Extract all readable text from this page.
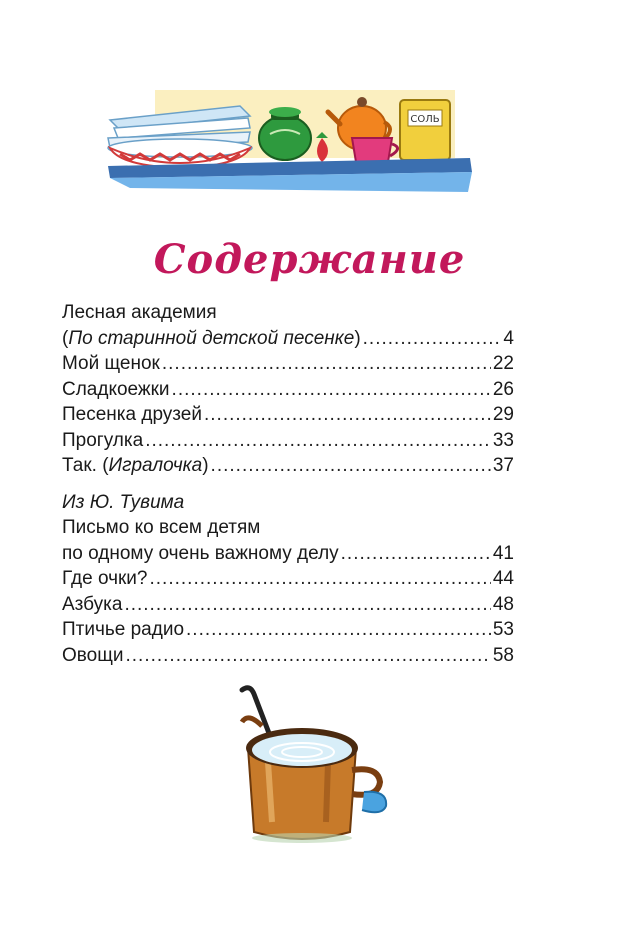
СОЛЬ
Содержание
Лесная академия
(По старинной детской песенке) .....	4
Мой щенок .....	22
Сладкоежки .....	26
Песенка друзей .....	29
Прогулка .....	33
Так. (Игралочка) .....	37
Из Ю. Тувима
Письмо ко всем детям
по одному очень важному делу .....	41
Где очки? .....	44
Азбука .....	48
Птичье радио .....	53
Овощи .....	58
